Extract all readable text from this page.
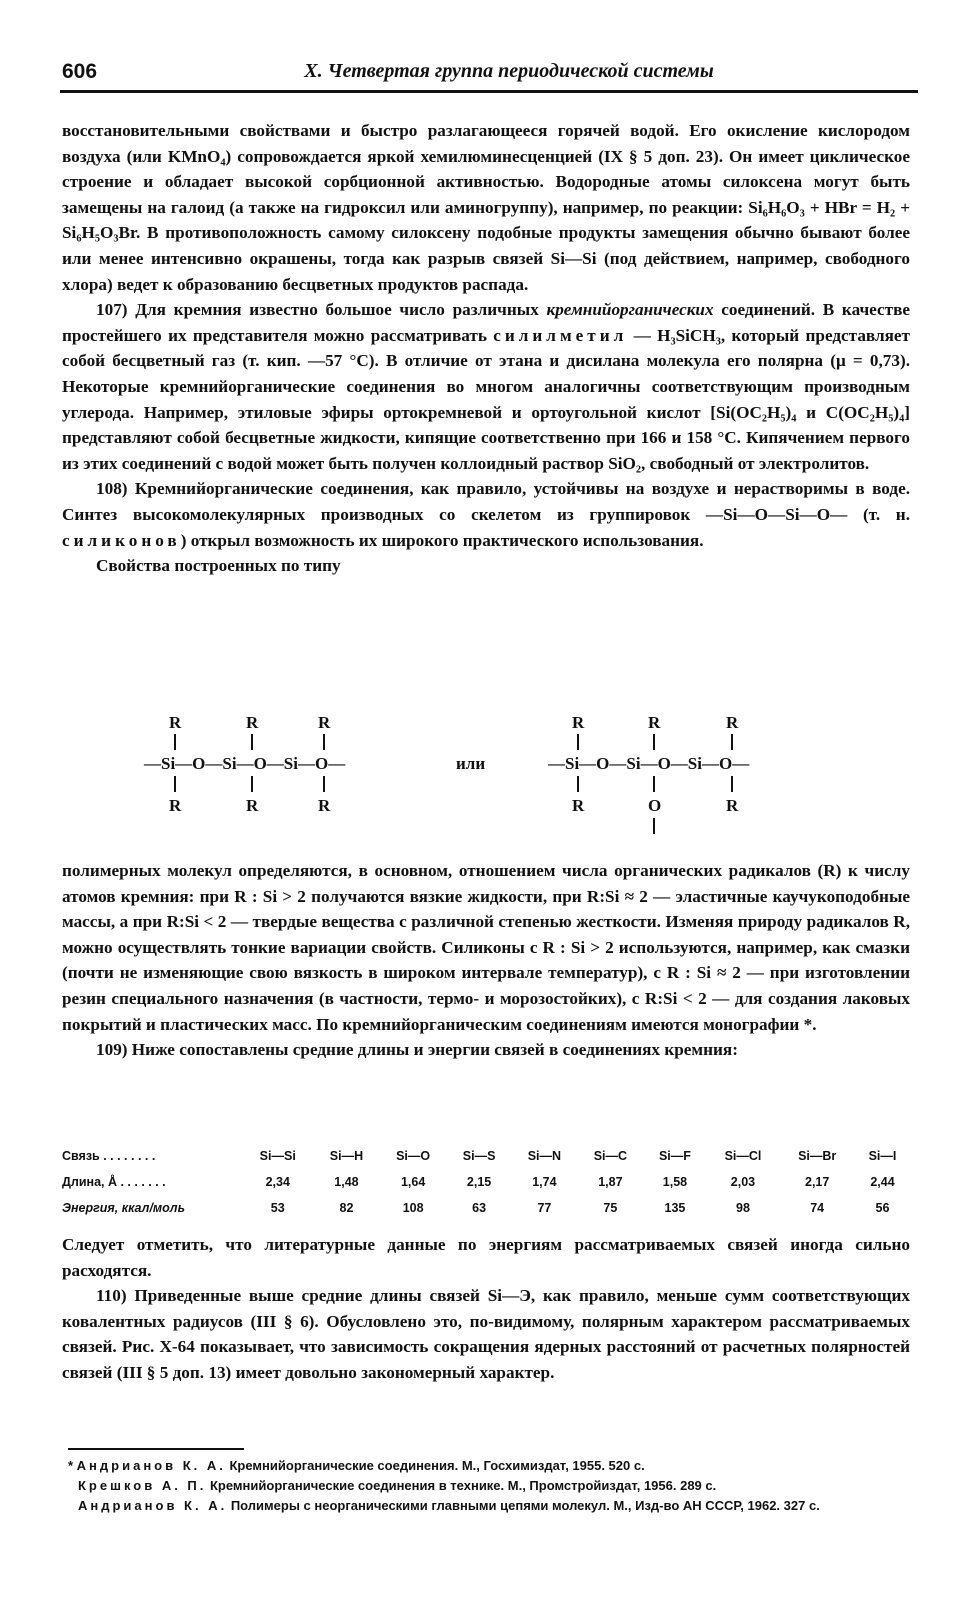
606	X. Четвертая группа периодической системы

восстановительными свойствами и быстро разлагающееся горячей водой. Его окисление кислородом воздуха (или KMnO₄) сопровождается яркой хемилюминесценцией (IX § 5 доп. 23). Он имеет циклическое строение и обладает высокой сорбционной активностью. Водородные атомы силоксена могут быть замещены на галоид (а также на гидроксил или аминогруппу), например, по реакции: Si₆H₆O₃ + HBr = H₂ + Si₆H₅O₃Br. В противоположность самому силоксену подобные продукты замещения обычно бывают более или менее интенсивно окрашены, тогда как разрыв связей Si—Si (под действием, например, свободного хлора) ведет к образованию бесцветных продуктов распада.

107) Для кремния известно большое число различных кремнийорганических соединений. В качестве простейшего их представителя можно рассматривать силилметил — H₃SiCH₃, который представляет собой бесцветный газ (т. кип. —57 °С). В отличие от этана и дисилана молекула его полярна (μ = 0,73). Некоторые кремнийорганические соединения во многом аналогичны соответствующим производным углерода. Например, этиловые эфиры ортокремневой и ортоугольной кислот [Si(OC₂H₅)₄ и C(OC₂H₅)₄] представляют собой бесцветные жидкости, кипящие соответственно при 166 и 158 °С. Кипячением первого из этих соединений с водой может быть получен коллоидный раствор SiO₂, свободный от электролитов.

108) Кремнийорганические соединения, как правило, устойчивы на воздухе и нерастворимы в воде. Синтез высокомолекулярных производных со скелетом из группировок —Si—O—Si—O— (т. н. силиконов) открыл возможность их широкого практического использования.

Свойства построенных по типу

R	R	R
—Si—O—Si—O—Si—O—
R	R	R
или
R	R	R
—Si—O—Si—O—Si—O—
R	O	R

полимерных молекул определяются, в основном, отношением числа органических радикалов (R) к числу атомов кремния: при R : Si > 2 получаются вязкие жидкости, при R:Si ≈ 2 — эластичные каучукоподобные массы, а при R:Si < 2 — твердые вещества с различной степенью жесткости. Изменяя природу радикалов R, можно осуществлять тонкие вариации свойств. Силиконы с R : Si > 2 используются, например, как смазки (почти не изменяющие свою вязкость в широком интервале температур), с R : Si ≈ 2 — при изготовлении резин специального назначения (в частности, термо- и морозостойких), с R:Si < 2 — для создания лаковых покрытий и пластических масс. По кремнийорганическим соединениям имеются монографии *.

109) Ниже сопоставлены средние длины и энергии связей в соединениях кремния:

Связь . . . . . . . .	Si—Si	Si—H	Si—O	Si—S	Si—N	Si—C	Si—F	Si—Cl	Si—Br	Si—I
Длина, Å . . . . . . .	2,34	1,48	1,64	2,15	1,74	1,87	1,58	2,03	2,17	2,44
Энергия, ккал/моль	53	82	108	63	77	75	135	98	74	56

Следует отметить, что литературные данные по энергиям рассматриваемых связей иногда сильно расходятся.

110) Приведенные выше средние длины связей Si—Э, как правило, меньше сумм соответствующих ковалентных радиусов (III § 6). Обусловлено это, по-видимому, полярным характером рассматриваемых связей. Рис. X-64 показывает, что зависимость сокращения ядерных расстояний от расчетных полярностей связей (III § 5 доп. 13) имеет довольно закономерный характер.

* Андрианов К. А. Кремнийорганические соединения. М., Госхимиздат, 1955. 520 с.
Крешков А. П. Кремнийорганические соединения в технике. М., Промстройиздат, 1956. 289 с.
Андрианов К. А. Полимеры с неорганическими главными цепями молекул. М., Изд-во АН СССР, 1962. 327 с.
